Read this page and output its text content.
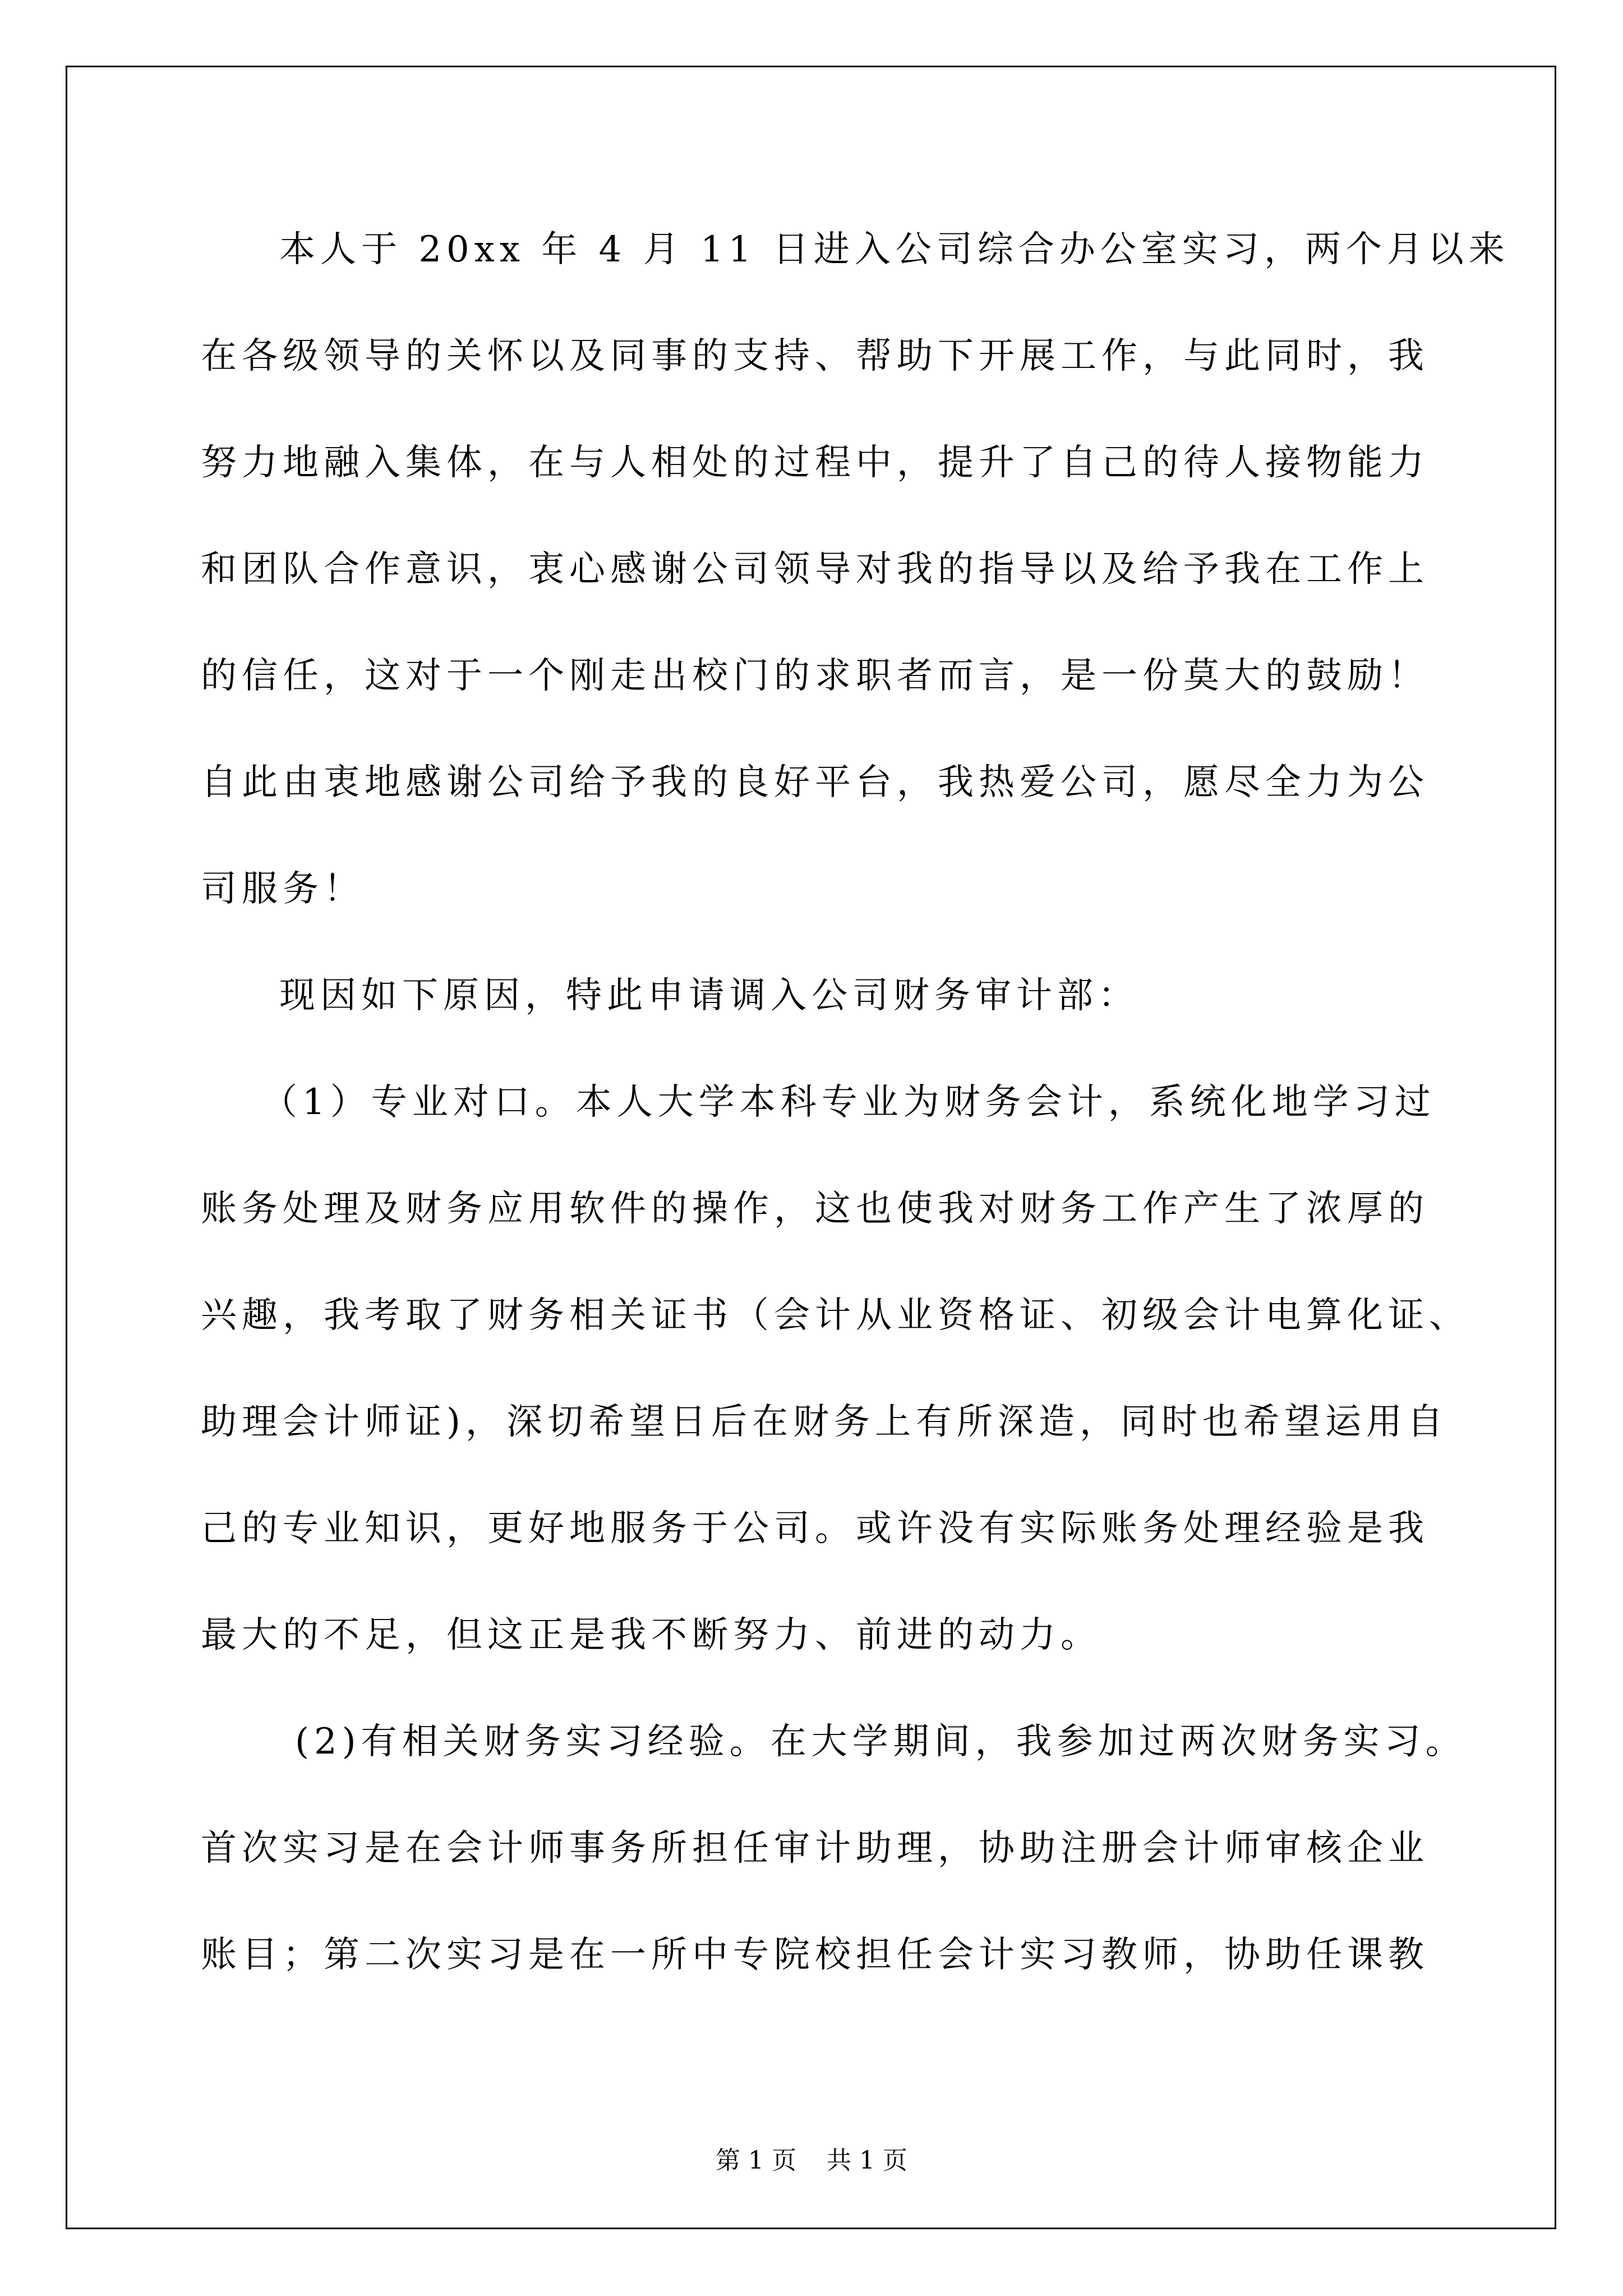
本人于 20xx 年 4 月 11 日进入公司综合办公室实习，两个月以来
在各级领导的关怀以及同事的支持、帮助下开展工作，与此同时，我
努力地融入集体，在与人相处的过程中，提升了自己的待人接物能力
和团队合作意识，衷心感谢公司领导对我的指导以及给予我在工作上
的信任，这对于一个刚走出校门的求职者而言，是一份莫大的鼓励！
自此由衷地感谢公司给予我的良好平台，我热爱公司，愿尽全力为公
司服务！
现因如下原因，特此申请调入公司财务审计部：
（1）专业对口。本人大学本科专业为财务会计，系统化地学习过
账务处理及财务应用软件的操作，这也使我对财务工作产生了浓厚的
兴趣，我考取了财务相关证书（会计从业资格证、初级会计电算化证、
助理会计师证)，深切希望日后在财务上有所深造，同时也希望运用自
己的专业知识，更好地服务于公司。或许没有实际账务处理经验是我
最大的不足，但这正是我不断努力、前进的动力。
(2)有相关财务实习经验。在大学期间，我参加过两次财务实习。
首次实习是在会计师事务所担任审计助理，协助注册会计师审核企业
账目；第二次实习是在一所中专院校担任会计实习教师，协助任课教
第 1 页 共 1 页
